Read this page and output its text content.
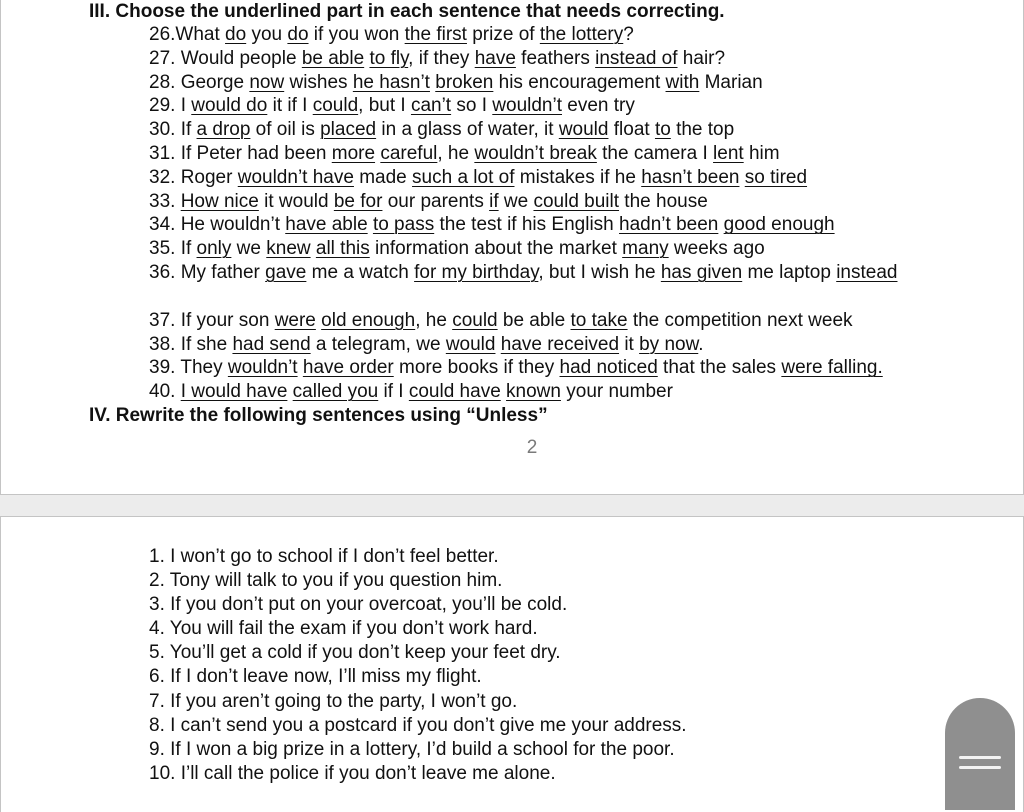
III. Choose the underlined part in each sentence that needs correcting.

26.What do you do if you won the first prize of the lottery?
27. Would people be able to fly, if they have feathers instead of hair?
28. George now wishes he hasn’t broken his encouragement with Marian
29. I would do it if I could, but I can’t so I wouldn’t even try
30. If a drop of oil is placed in a glass of water, it would float to the top
31. If Peter had been more careful, he wouldn’t break the camera I lent him
32. Roger wouldn’t have made such a lot of mistakes if he hasn’t been so tired
33. How nice it would be for our parents if we could built the house
34. He wouldn’t have able to pass the test if his English hadn’t been good enough
35. If only we knew all this information about the market many weeks ago
36. My father gave me a watch for my birthday, but I wish he has given me laptop instead
37. If your son were old enough, he could be able to take the competition next week
38. If she had send a telegram, we would have received it by now.
39. They wouldn’t have order more books if they had noticed that the sales were falling.
40. I would have called you if I could have known your number

IV. Rewrite the following sentences using “Unless”

2
1. I won’t go to school if I don’t feel better.
2. Tony will talk to you if you question him.
3. If you don’t put on your overcoat, you’ll be cold.
4. You will fail the exam if you don’t work hard.
5. You’ll get a cold if you don’t keep your feet dry.
6. If I don’t leave now, I’ll miss my flight.
7. If you aren’t going to the party, I won’t go.
8. I can’t send you a postcard if you don’t give me your address.
9. If I won a big prize in a lottery, I’d build a school for the poor.
10. I’ll call the police if you don’t leave me alone.
